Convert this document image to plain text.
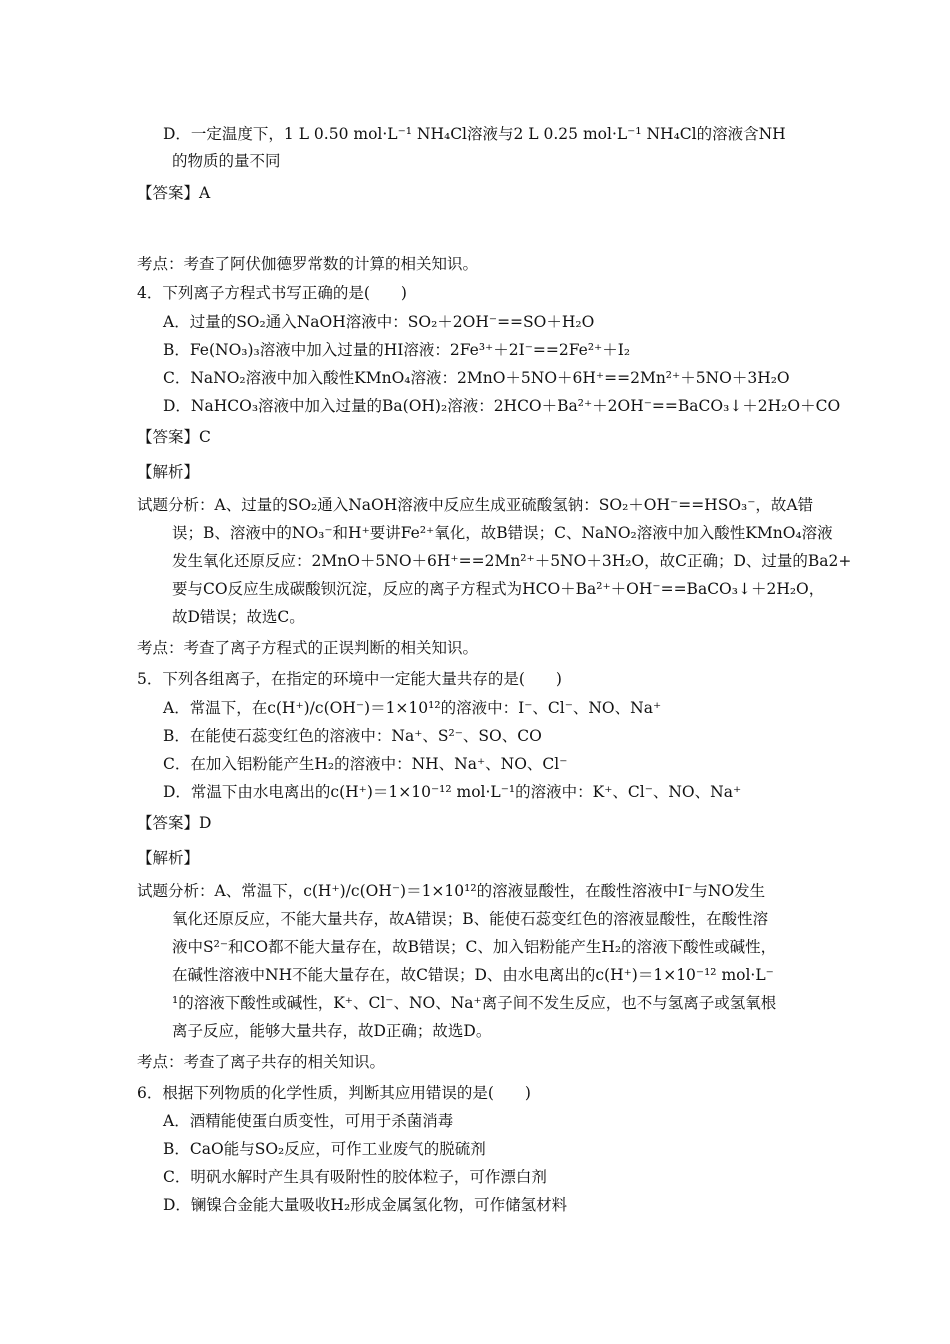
D．一定温度下，1 L 0.50 mol·L⁻¹ NH₄Cl溶液与2 L 0.25 mol·L⁻¹ NH₄Cl的溶液含NH
的物质的量不同
【答案】A
考点：考查了阿伏伽德罗常数的计算的相关知识。
4．下列离子方程式书写正确的是(　　)
A．过量的SO₂通入NaOH溶液中：SO₂＋2OH⁻==SO＋H₂O
B．Fe(NO₃)₃溶液中加入过量的HI溶液：2Fe³⁺＋2I⁻==2Fe²⁺＋I₂
C．NaNO₂溶液中加入酸性KMnO₄溶液：2MnO＋5NO＋6H⁺==2Mn²⁺＋5NO＋3H₂O
D．NaHCO₃溶液中加入过量的Ba(OH)₂溶液：2HCO＋Ba²⁺＋2OH⁻==BaCO₃↓＋2H₂O＋CO
【答案】C
【解析】
试题分析：A、过量的SO₂通入NaOH溶液中反应生成亚硫酸氢钠：SO₂＋OH⁻==HSO₃⁻，故A错
误；B、溶液中的NO₃⁻和H⁺要讲Fe²⁺氧化，故B错误；C、NaNO₂溶液中加入酸性KMnO₄溶液
发生氧化还原反应：2MnO＋5NO＋6H⁺==2Mn²⁺＋5NO＋3H₂O，故C正确；D、过量的Ba2+
要与CO反应生成碳酸钡沉淀，反应的离子方程式为HCO＋Ba²⁺＋OH⁻==BaCO₃↓＋2H₂O，
故D错误；故选C。
考点：考查了离子方程式的正误判断的相关知识。
5．下列各组离子，在指定的环境中一定能大量共存的是(　　)
A．常温下，在c(H⁺)/c(OH⁻)＝1×10¹²的溶液中：I⁻、Cl⁻、NO、Na⁺
B．在能使石蕊变红色的溶液中：Na⁺、S²⁻、SO、CO
C．在加入铝粉能产生H₂的溶液中：NH、Na⁺、NO、Cl⁻
D．常温下由水电离出的c(H⁺)＝1×10⁻¹² mol·L⁻¹的溶液中：K⁺、Cl⁻、NO、Na⁺
【答案】D
【解析】
试题分析：A、常温下，c(H⁺)/c(OH⁻)＝1×10¹²的溶液显酸性，在酸性溶液中I⁻与NO发生
氧化还原反应，不能大量共存，故A错误；B、能使石蕊变红色的溶液显酸性，在酸性溶
液中S²⁻和CO都不能大量存在，故B错误；C、加入铝粉能产生H₂的溶液下酸性或碱性，
在碱性溶液中NH不能大量存在，故C错误；D、由水电离出的c(H⁺)＝1×10⁻¹² mol·L⁻
¹的溶液下酸性或碱性，K⁺、Cl⁻、NO、Na⁺离子间不发生反应，也不与氢离子或氢氧根
离子反应，能够大量共存，故D正确；故选D。
考点：考查了离子共存的相关知识。
6．根据下列物质的化学性质，判断其应用错误的是(　　)
A．酒精能使蛋白质变性，可用于杀菌消毒
B．CaO能与SO₂反应，可作工业废气的脱硫剂
C．明矾水解时产生具有吸附性的胶体粒子，可作漂白剂
D．镧镍合金能大量吸收H₂形成金属氢化物，可作储氢材料
